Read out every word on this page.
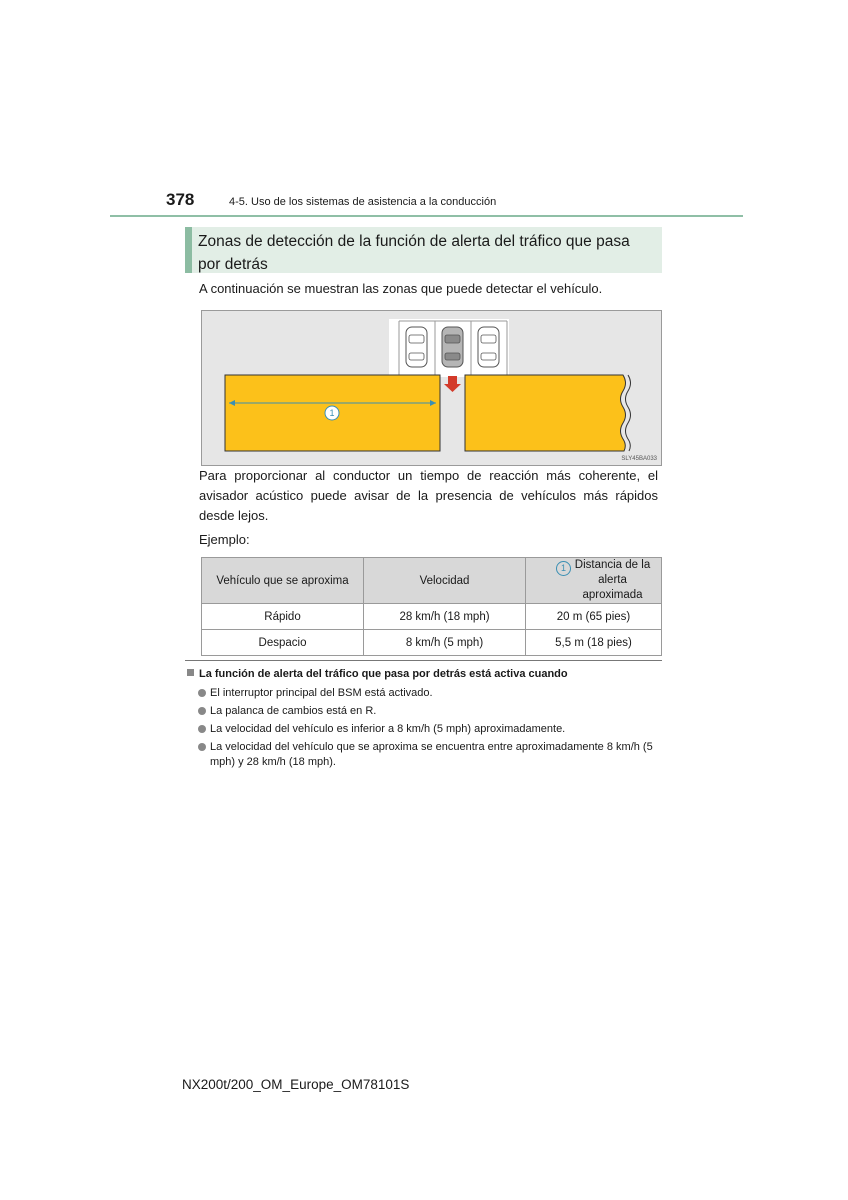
378	4-5. Uso de los sistemas de asistencia a la conducción
Zonas de detección de la función de alerta del tráfico que pasa por detrás
A continuación se muestran las zonas que puede detectar el vehículo.
1
SLY45BA033
Para proporcionar al conductor un tiempo de reacción más coherente, el avisador acústico puede avisar de la presencia de vehículos más rápidos desde lejos.
Ejemplo:
Vehículo que se aproxima	Velocidad	1 Distancia de la alerta aproximada
Rápido	28 km/h (18 mph)	20 m (65 pies)
Despacio	8 km/h (5 mph)	5,5 m (18 pies)
La función de alerta del tráfico que pasa por detrás está activa cuando
El interruptor principal del BSM está activado.
La palanca de cambios está en R.
La velocidad del vehículo es inferior a 8 km/h (5 mph) aproximadamente.
La velocidad del vehículo que se aproxima se encuentra entre aproximadamente 8 km/h (5 mph) y 28 km/h (18 mph).
NX200t/200_OM_Europe_OM78101S
